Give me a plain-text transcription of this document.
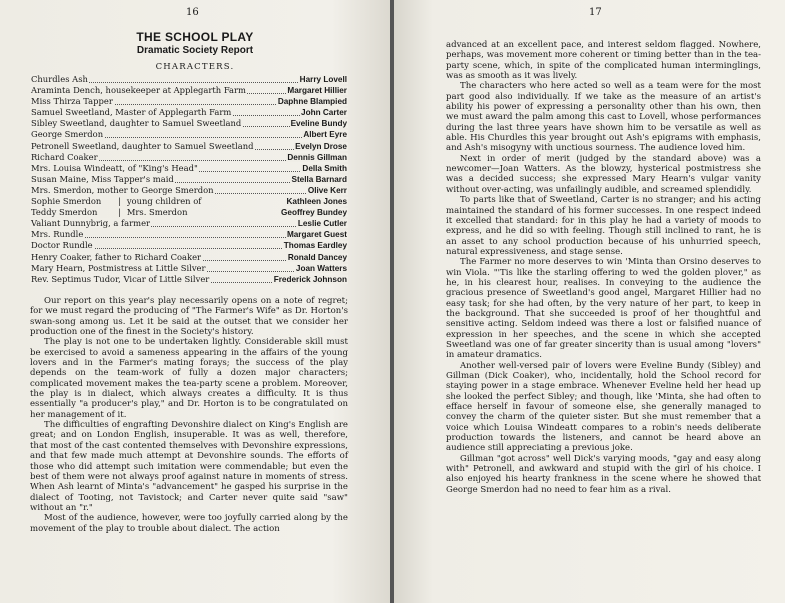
16
THE SCHOOL PLAY
Dramatic Society Report
CHARACTERS.
Churdles Ash	Harry Lovell
Araminta Dench, housekeeper at Applegarth Farm	Margaret Hillier
Miss Thirza Tapper	Daphne Blampied
Samuel Sweetland, Master of Applegarth Farm	John Carter
Sibley Sweetland, daughter to Samuel Sweetland	Eveline Bundy
George Smerdon	Albert Eyre
Petronell Sweetland, daughter to Samuel Sweetland	Evelyn Drose
Richard Coaker	Dennis Gillman
Mrs. Louisa Windeatt, of "King's Head"	Della Smith
Susan Maine, Miss Tapper's maid	Stella Barnard
Mrs. Smerdon, mother to George Smerdon	Olive Kerr
Sophie Smerdon | young children of	Kathleen Jones
Teddy Smerdon | Mrs. Smerdon	Geoffrey Bundey
Valiant Dunnybrig, a farmer	Leslie Cutler
Mrs. Rundle	Margaret Guest
Doctor Rundle	Thomas Eardley
Henry Coaker, father to Richard Coaker	Ronald Dancey
Mary Hearn, Postmistress at Little Silver	Joan Watters
Rev. Septimus Tudor, Vicar of Little Silver	Frederick Johnson

Our report on this year's play necessarily opens on a note of regret; for we must regard the producing of "The Farmer's Wife" as Dr. Horton's swan-song among us. Let it be said at the outset that we consider her production one of the finest in the Society's history.

The play is not one to be undertaken lightly. Considerable skill must be exercised to avoid a sameness appearing in the affairs of the young lovers and in the Farmer's mating forays; the success of the play depends on the team-work of fully a dozen major characters; complicated movement makes the tea-party scene a problem. Moreover, the play is in dialect, which always creates a difficulty. It is thus essentially "a producer's play," and Dr. Horton is to be congratulated on her management of it.

The difficulties of engrafting Devonshire dialect on King's English are great; and on London English, insuperable. It was as well, therefore, that most of the cast contented themselves with Devonshire expressions, and that few made much attempt at Devonshire sounds. The efforts of those who did attempt such imitation were commendable; but even the best of them were not always proof against nature in moments of stress. When Ash learnt of Minta's "advancement" he gasped his surprise in the dialect of Tooting, not Tavistock; and Carter never quite said "saw" without an "r."

Most of the audience, however, were too joyfully carried along by the movement of the play to trouble about dialect. The action

17

advanced at an excellent pace, and interest seldom flagged. Nowhere, perhaps, was movement more coherent or timing better than in the tea-party scene, which, in spite of the complicated human interminglings, was as smooth as it was lively.

The characters who here acted so well as a team were for the most part good also individually. If we take as the measure of an artist's ability his power of expressing a personality other than his own, then we must award the palm among this cast to Lovell, whose performances during the last three years have shown him to be versatile as well as able. His Churdles this year brought out Ash's epigrams with emphasis, and Ash's misogyny with unctious sourness. The audience loved him.

Next in order of merit (judged by the standard above) was a newcomer—Joan Watters. As the blowzy, hysterical postmistress she was a decided success; she expressed Mary Hearn's vulgar vanity without over-acting, was unfailingly audible, and screamed splendidly.

To parts like that of Sweetland, Carter is no stranger; and his acting maintained the standard of his former successes. In one respect indeed it excelled that standard: for in this play he had a variety of moods to express, and he did so with feeling. Though still inclined to rant, he is an asset to any school production because of his unhurried speech, natural expressiveness, and stage sense.

The Farmer no more deserves to win 'Minta than Orsino deserves to win Viola. "'Tis like the starling offering to wed the golden plover," as he, in his clearest hour, realises. In conveying to the audience the gracious presence of Sweetland's good angel, Margaret Hillier had no easy task; for she had often, by the very nature of her part, to keep in the background. That she succeeded is proof of her thoughtful and sensitive acting. Seldom indeed was there a lost or falsified nuance of expression in her speeches, and the scene in which she accepted Sweetland was one of far greater sincerity than is usual among "lovers" in amateur dramatics.

Another well-versed pair of lovers were Eveline Bundy (Sibley) and Gillman (Dick Coaker), who, incidentally, hold the School record for staying power in a stage embrace. Whenever Eveline held her head up she looked the perfect Sibley; and though, like 'Minta, she had often to efface herself in favour of someone else, she generally managed to convey the charm of the quieter sister. But she must remember that a voice which Louisa Windeatt compares to a robin's needs deliberate production towards the listeners, and cannot be heard above an audience still appreciating a previous joke.

Gillman "got across" well Dick's varying moods, "gay and easy along with" Petronell, and awkward and stupid with the girl of his choice. I also enjoyed his hearty frankness in the scene where he showed that George Smerdon had no need to fear him as a rival.
